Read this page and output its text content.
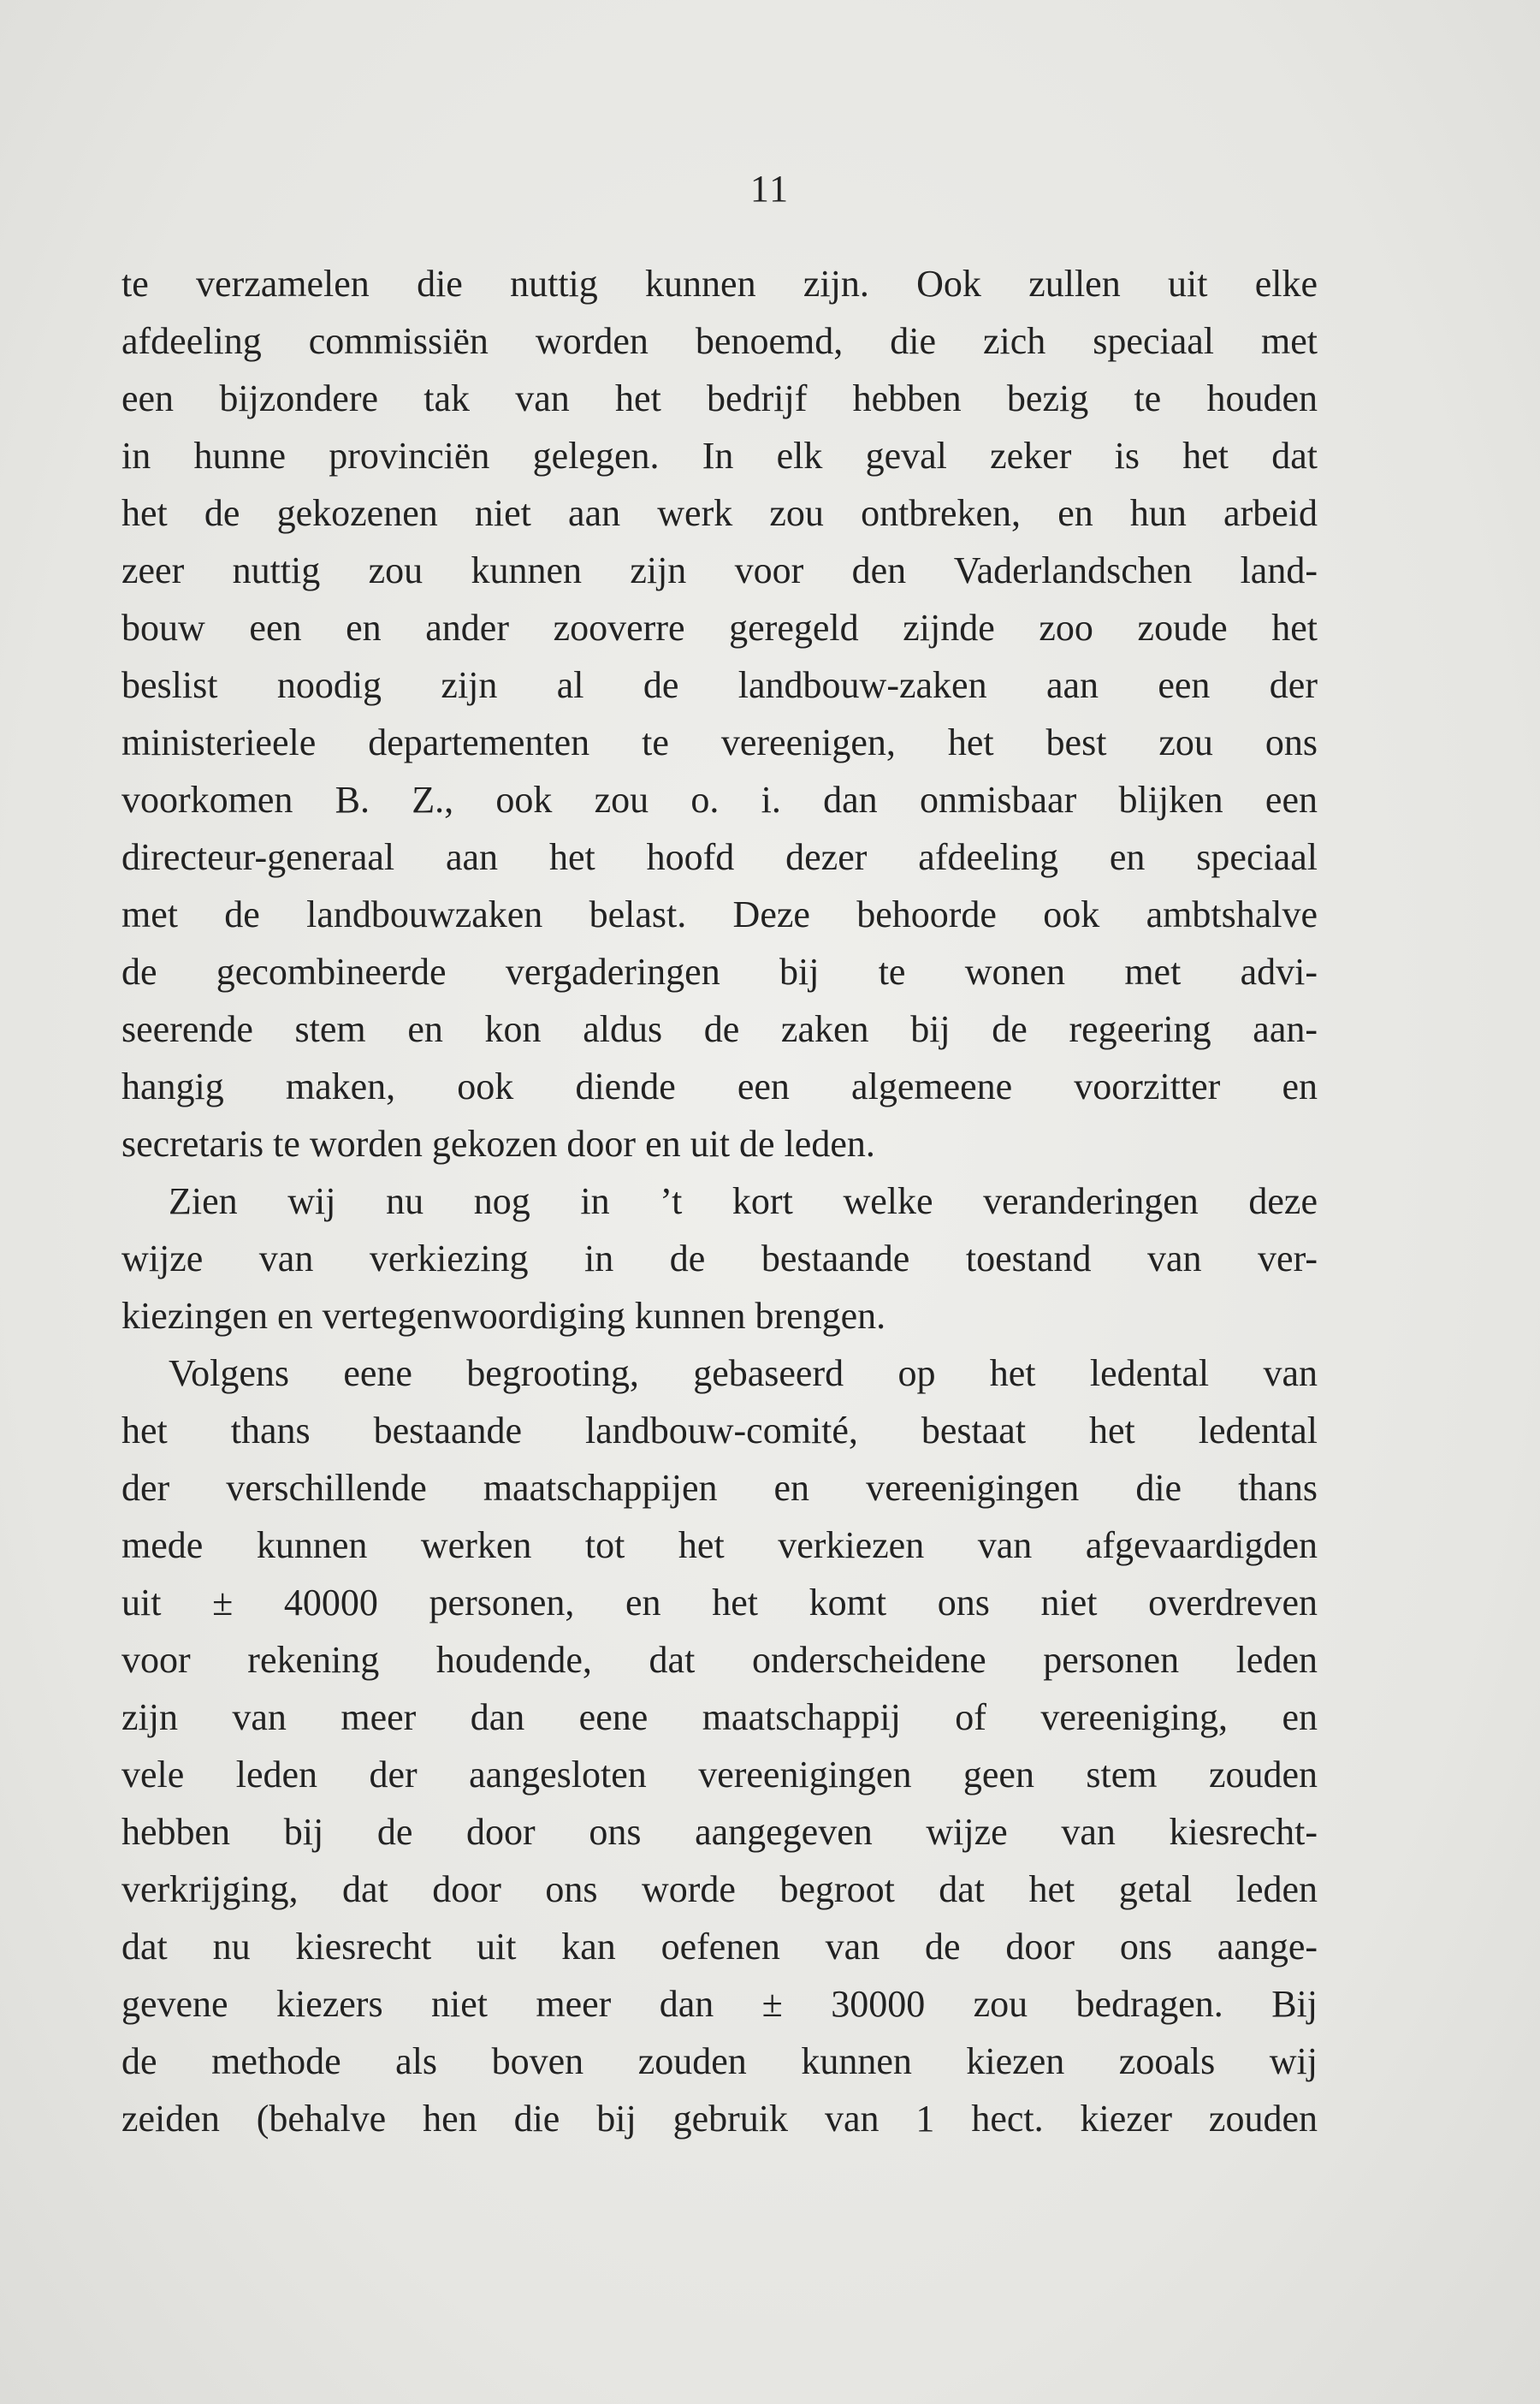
11
te verzamelen die nuttig kunnen zijn. Ook zullen uit elke
afdeeling commissiën worden benoemd, die zich speciaal met
een bijzondere tak van het bedrijf hebben bezig te houden
in hunne provinciën gelegen. In elk geval zeker is het dat
het de gekozenen niet aan werk zou ontbreken, en hun arbeid
zeer nuttig zou kunnen zijn voor den Vaderlandschen land-
bouw een en ander zooverre geregeld zijnde zoo zoude het
beslist noodig zijn al de landbouw-zaken aan een der
ministerieele departementen te vereenigen, het best zou ons
voorkomen B. Z., ook zou o. i. dan onmisbaar blijken een
directeur-generaal aan het hoofd dezer afdeeling en speciaal
met de landbouwzaken belast. Deze behoorde ook ambtshalve
de gecombineerde vergaderingen bij te wonen met advi-
seerende stem en kon aldus de zaken bij de regeering aan-
hangig maken, ook diende een algemeene voorzitter en
secretaris te worden gekozen door en uit de leden.
Zien wij nu nog in ’t kort welke veranderingen deze
wijze van verkiezing in de bestaande toestand van ver-
kiezingen en vertegenwoordiging kunnen brengen.
Volgens eene begrooting, gebaseerd op het ledental van
het thans bestaande landbouw-comité, bestaat het ledental
der verschillende maatschappijen en vereenigingen die thans
mede kunnen werken tot het verkiezen van afgevaardigden
uit ± 40000 personen, en het komt ons niet overdreven
voor rekening houdende, dat onderscheidene personen leden
zijn van meer dan eene maatschappij of vereeniging, en
vele leden der aangesloten vereenigingen geen stem zouden
hebben bij de door ons aangegeven wijze van kiesrecht-
verkrijging, dat door ons worde begroot dat het getal leden
dat nu kiesrecht uit kan oefenen van de door ons aange-
gevene kiezers niet meer dan ± 30000 zou bedragen. Bij
de methode als boven zouden kunnen kiezen zooals wij
zeiden (behalve hen die bij gebruik van 1 hect. kiezer zouden
